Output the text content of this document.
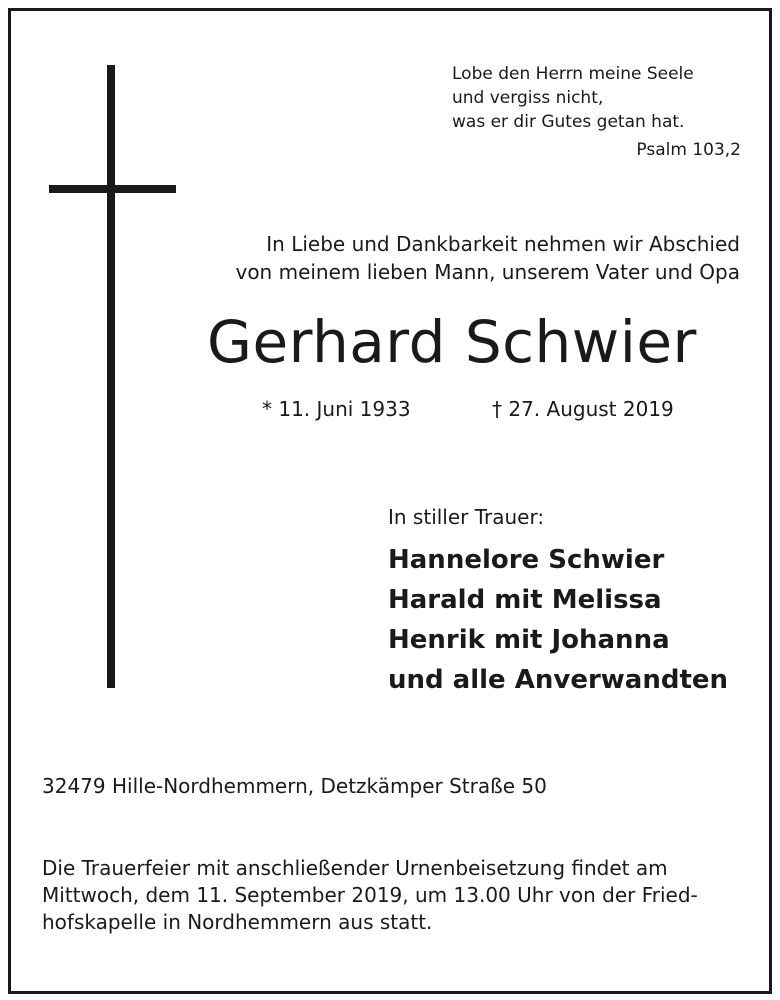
Lobe den Herrn meine Seele
und vergiss nicht,
was er dir Gutes getan hat.
Psalm 103,2
In Liebe und Dankbarkeit nehmen wir Abschied
von meinem lieben Mann, unserem Vater und Opa
Gerhard Schwier
* 11. Juni 1933	† 27. August 2019
In stiller Trauer:
Hannelore Schwier
Harald mit Melissa
Henrik mit Johanna
und alle Anverwandten
32479 Hille-Nordhemmern, Detzkämper Straße 50
Die Trauerfeier mit anschließender Urnenbeisetzung findet am
Mittwoch, dem 11. September 2019, um 13.00 Uhr von der Fried-
hofskapelle in Nordhemmern aus statt.
